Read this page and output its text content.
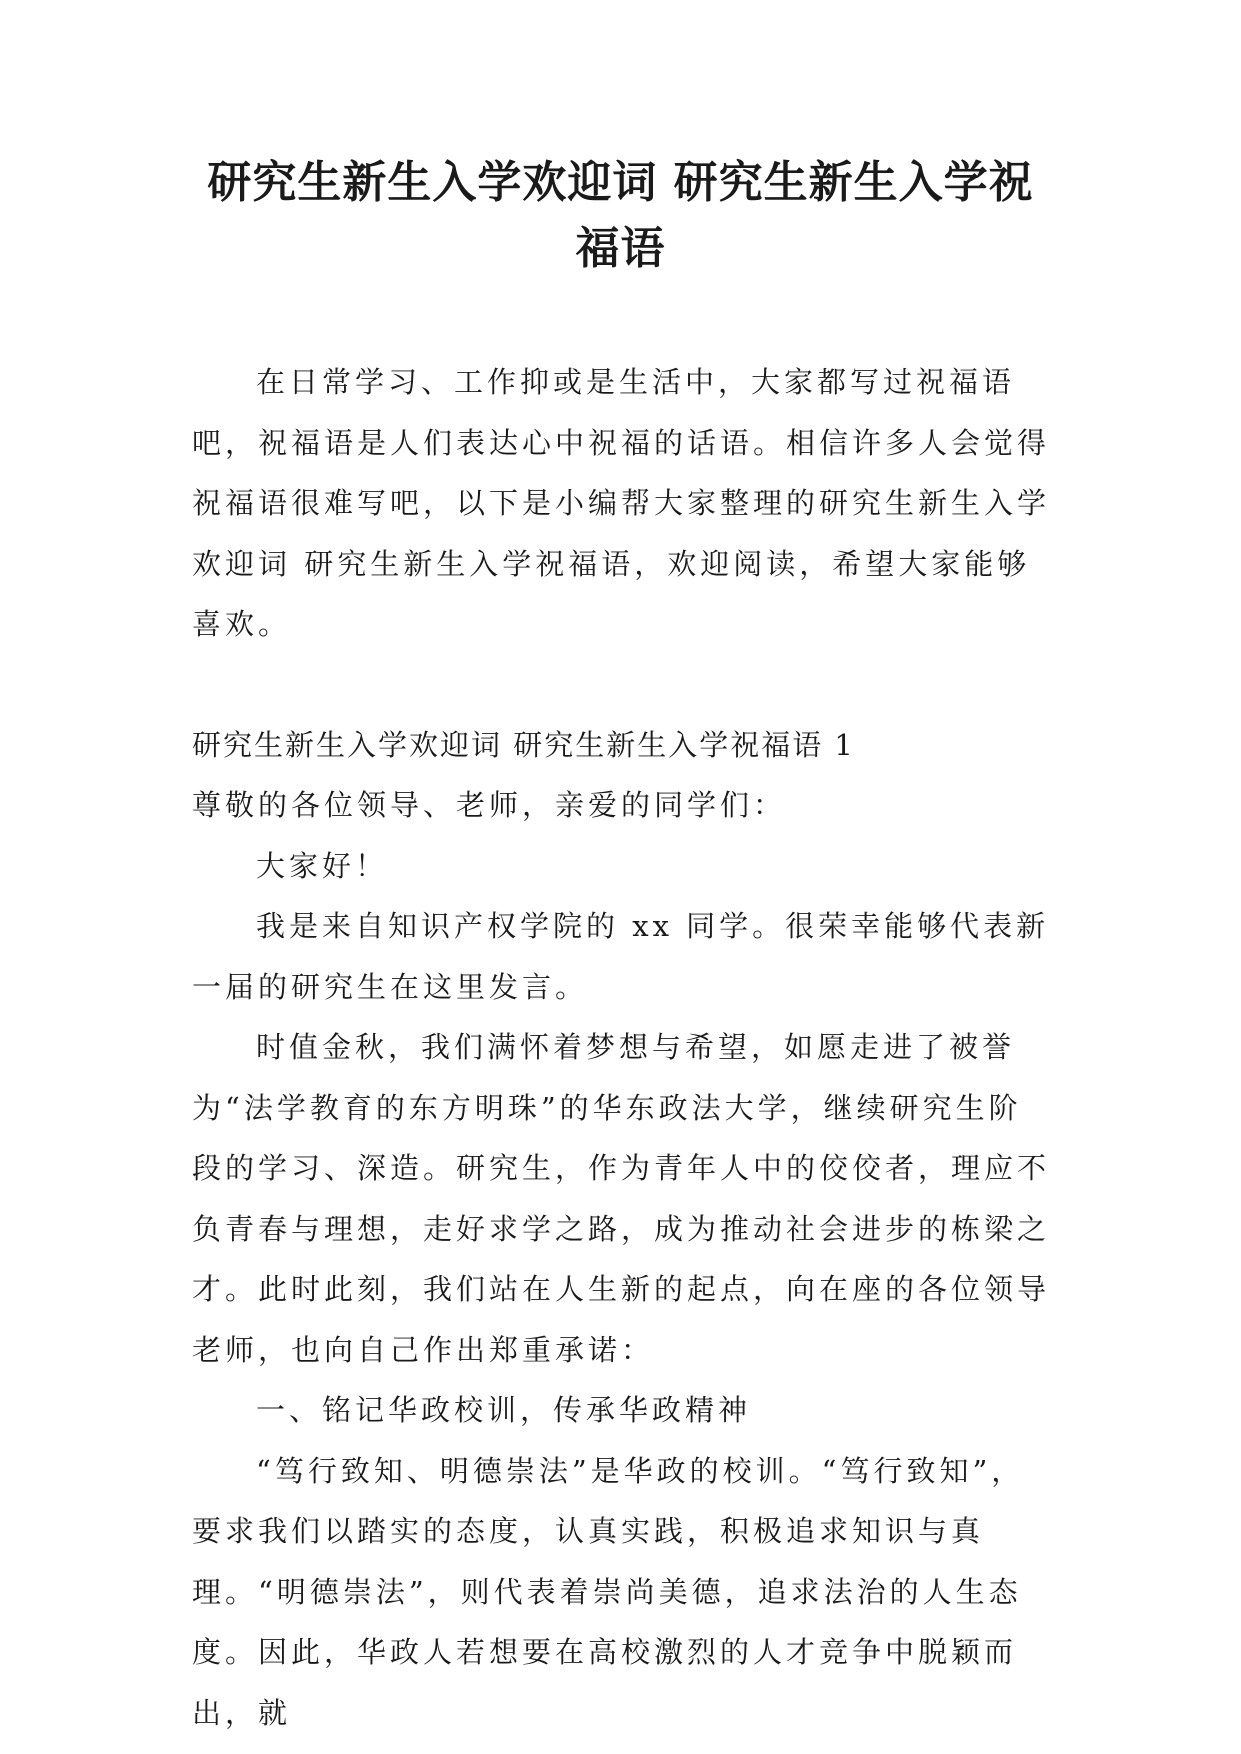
研究生新生入学欢迎词 研究生新生入学祝
福语

在日常学习、工作抑或是生活中，大家都写过祝福语吧，祝福语是人们表达心中祝福的话语。相信许多人会觉得祝福语很难写吧，以下是小编帮大家整理的研究生新生入学欢迎词 研究生新生入学祝福语，欢迎阅读，希望大家能够喜欢。

研究生新生入学欢迎词 研究生新生入学祝福语 1

尊敬的各位领导、老师，亲爱的同学们：

大家好！

我是来自知识产权学院的 xx 同学。很荣幸能够代表新一届的研究生在这里发言。

时值金秋，我们满怀着梦想与希望，如愿走进了被誉为“法学教育的东方明珠”的华东政法大学，继续研究生阶段的学习、深造。研究生，作为青年人中的佼佼者，理应不负青春与理想，走好求学之路，成为推动社会进步的栋梁之才。此时此刻，我们站在人生新的起点，向在座的各位领导老师，也向自己作出郑重承诺：

一、铭记华政校训，传承华政精神

“笃行致知、明德崇法”是华政的校训。“笃行致知”，要求我们以踏实的态度，认真实践，积极追求知识与真理。“明德崇法”，则代表着崇尚美德，追求法治的人生态度。因此，华政人若想要在高校激烈的人才竞争中脱颖而出，就
